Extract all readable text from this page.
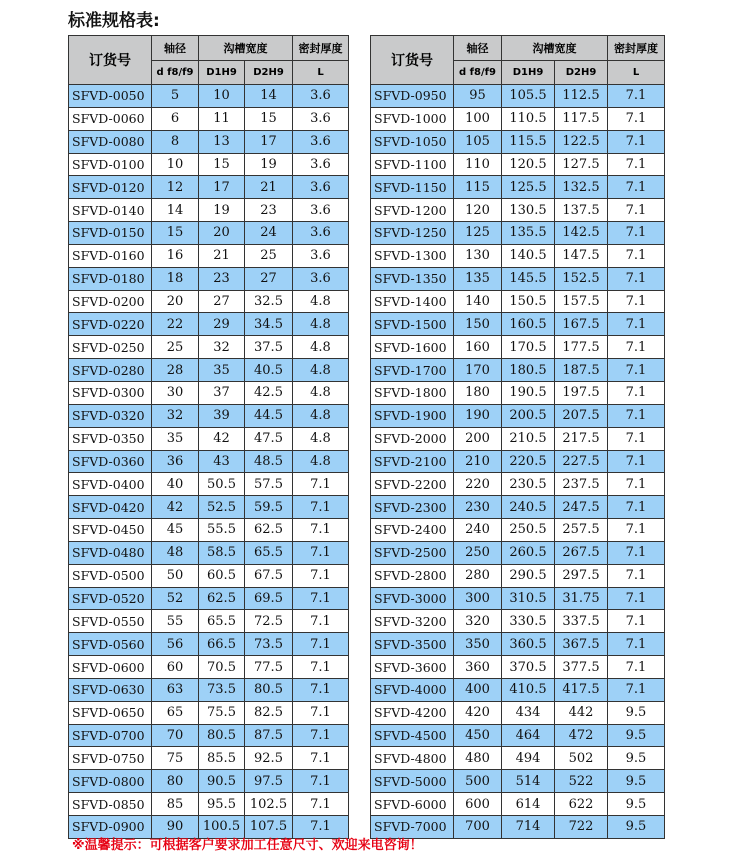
标准规格表:
订货号	轴径	沟槽宽度		密封厚度
	d f8/f9	D1H9	D2H9	L
SFVD-0050	5	10	14	3.6
SFVD-0060	6	11	15	3.6
SFVD-0080	8	13	17	3.6
SFVD-0100	10	15	19	3.6
SFVD-0120	12	17	21	3.6
SFVD-0140	14	19	23	3.6
SFVD-0150	15	20	24	3.6
SFVD-0160	16	21	25	3.6
SFVD-0180	18	23	27	3.6
SFVD-0200	20	27	32.5	4.8
SFVD-0220	22	29	34.5	4.8
SFVD-0250	25	32	37.5	4.8
SFVD-0280	28	35	40.5	4.8
SFVD-0300	30	37	42.5	4.8
SFVD-0320	32	39	44.5	4.8
SFVD-0350	35	42	47.5	4.8
SFVD-0360	36	43	48.5	4.8
SFVD-0400	40	50.5	57.5	7.1
SFVD-0420	42	52.5	59.5	7.1
SFVD-0450	45	55.5	62.5	7.1
SFVD-0480	48	58.5	65.5	7.1
SFVD-0500	50	60.5	67.5	7.1
SFVD-0520	52	62.5	69.5	7.1
SFVD-0550	55	65.5	72.5	7.1
SFVD-0560	56	66.5	73.5	7.1
SFVD-0600	60	70.5	77.5	7.1
SFVD-0630	63	73.5	80.5	7.1
SFVD-0650	65	75.5	82.5	7.1
SFVD-0700	70	80.5	87.5	7.1
SFVD-0750	75	85.5	92.5	7.1
SFVD-0800	80	90.5	97.5	7.1
SFVD-0850	85	95.5	102.5	7.1
SFVD-0900	90	100.5	107.5	7.1
订货号	轴径	沟槽宽度		密封厚度
	d f8/f9	D1H9	D2H9	L
SFVD-0950	95	105.5	112.5	7.1
SFVD-1000	100	110.5	117.5	7.1
SFVD-1050	105	115.5	122.5	7.1
SFVD-1100	110	120.5	127.5	7.1
SFVD-1150	115	125.5	132.5	7.1
SFVD-1200	120	130.5	137.5	7.1
SFVD-1250	125	135.5	142.5	7.1
SFVD-1300	130	140.5	147.5	7.1
SFVD-1350	135	145.5	152.5	7.1
SFVD-1400	140	150.5	157.5	7.1
SFVD-1500	150	160.5	167.5	7.1
SFVD-1600	160	170.5	177.5	7.1
SFVD-1700	170	180.5	187.5	7.1
SFVD-1800	180	190.5	197.5	7.1
SFVD-1900	190	200.5	207.5	7.1
SFVD-2000	200	210.5	217.5	7.1
SFVD-2100	210	220.5	227.5	7.1
SFVD-2200	220	230.5	237.5	7.1
SFVD-2300	230	240.5	247.5	7.1
SFVD-2400	240	250.5	257.5	7.1
SFVD-2500	250	260.5	267.5	7.1
SFVD-2800	280	290.5	297.5	7.1
SFVD-3000	300	310.5	31.75	7.1
SFVD-3200	320	330.5	337.5	7.1
SFVD-3500	350	360.5	367.5	7.1
SFVD-3600	360	370.5	377.5	7.1
SFVD-4000	400	410.5	417.5	7.1
SFVD-4200	420	434	442	9.5
SFVD-4500	450	464	472	9.5
SFVD-4800	480	494	502	9.5
SFVD-5000	500	514	522	9.5
SFVD-6000	600	614	622	9.5
SFVD-7000	700	714	722	9.5
※温馨提示：可根据客户要求加工任意尺寸、欢迎来电咨询！
